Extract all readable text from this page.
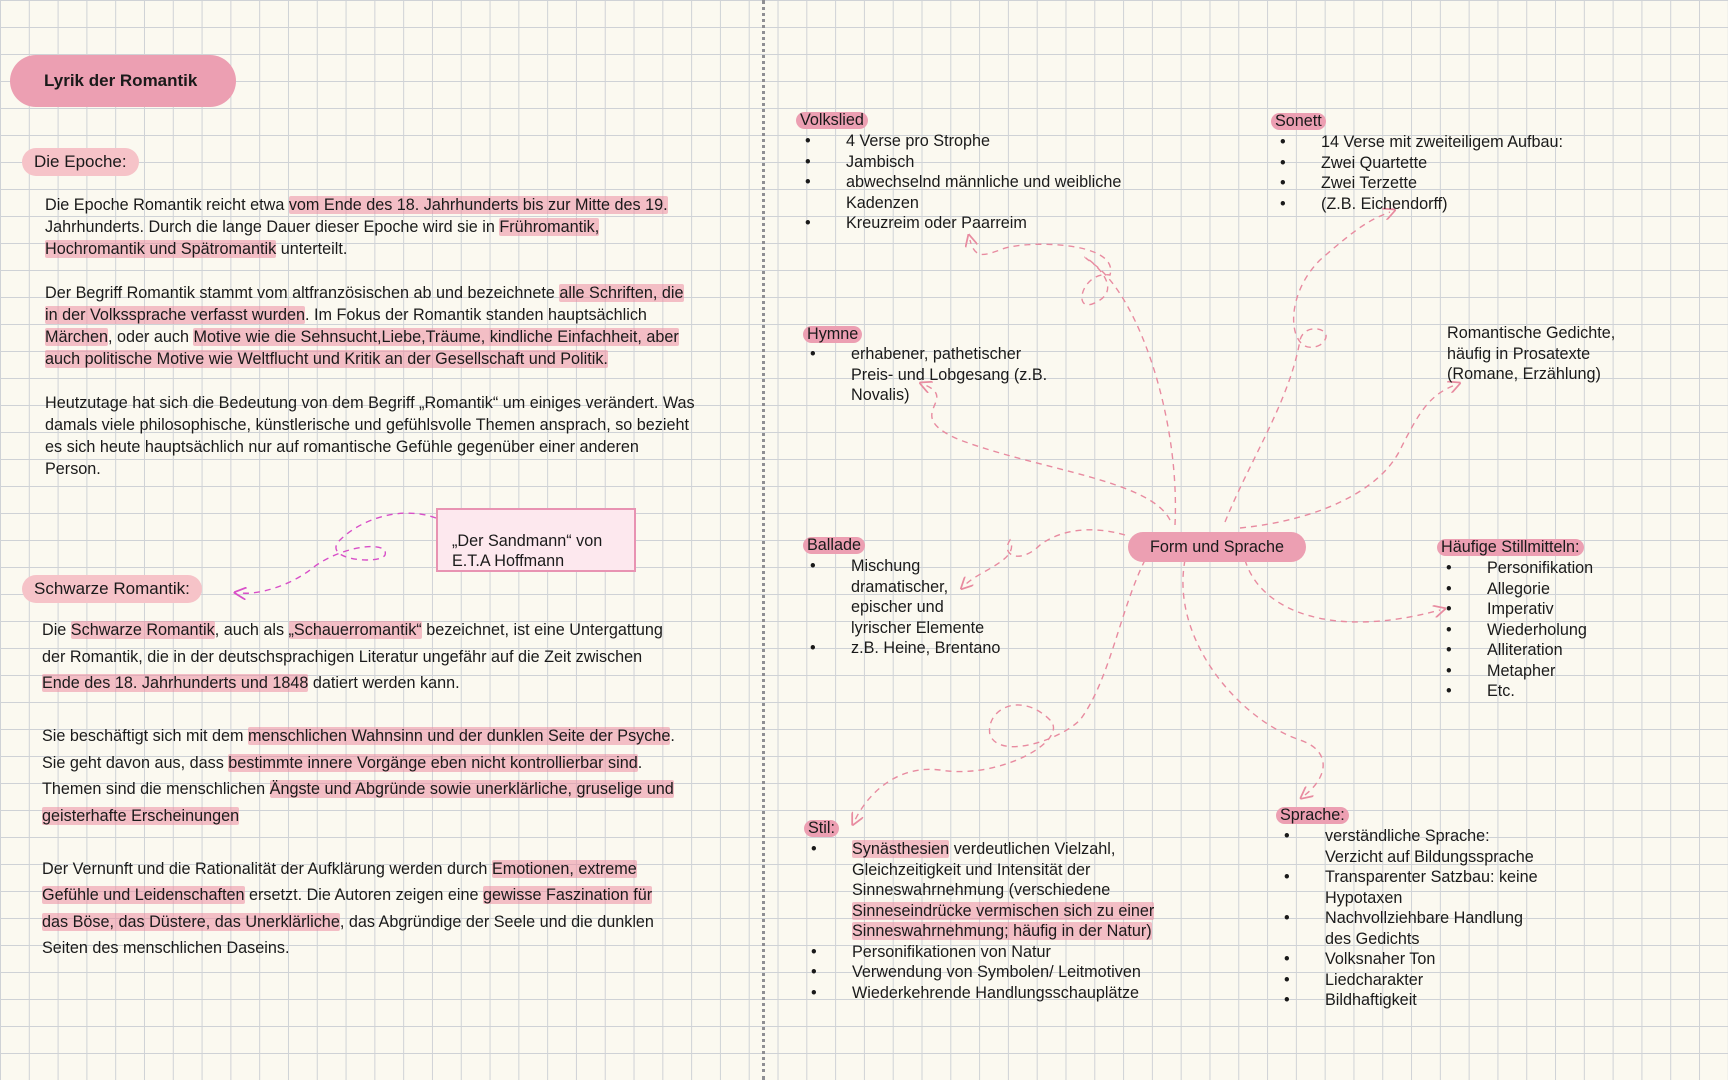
Lyrik der Romantik
Die Epoche:

Die Epoche Romantik reicht etwa vom Ende des 18. Jahrhunderts bis zur Mitte des 19.

Jahrhunderts. Durch die lange Dauer dieser Epoche wird sie in Frühromantik,

Hochromantik und Spätromantik unterteilt.

Der Begriff Romantik stammt vom altfranzösischen ab und bezeichnete alle Schriften, die

in der Volkssprache verfasst wurden. Im Fokus der Romantik standen hauptsächlich

Märchen, oder auch Motive wie die Sehnsucht,Liebe,Träume, kindliche Einfachheit, aber

auch politische Motive wie Weltflucht und Kritik an der Gesellschaft und Politik.

Heutzutage hat sich die Bedeutung von dem Begriff „Romantik“ um einiges verändert. Was

damals viele philosophische, künstlerische und gefühlsvolle Themen ansprach, so bezieht

es sich heute hauptsächlich nur auf romantische Gefühle gegenüber einer anderen

Person.

„Der Sandmann“ von
E.T.A Hoffmann
Schwarze Romantik:

Die Schwarze Romantik, auch als „Schauerromantik“ bezeichnet, ist eine Untergattung

der Romantik, die in der deutschsprachigen Literatur ungefähr auf die Zeit zwischen

Ende des 18. Jahrhunderts und 1848 datiert werden kann.

Sie beschäftigt sich mit dem menschlichen Wahnsinn und der dunklen Seite der Psyche.

Sie geht davon aus, dass bestimmte innere Vorgänge eben nicht kontrollierbar sind.

Themen sind die menschlichen Ängste und Abgründe sowie unerklärliche, gruselige und

geisterhafte Erscheinungen

Der Vernunft und die Rationalität der Aufklärung werden durch Emotionen, extreme

Gefühle und Leidenschaften ersetzt. Die Autoren zeigen eine gewisse Faszination für

das Böse, das Düstere, das Unerklärliche, das Abgründige der Seele und die dunklen

Seiten des menschlichen Daseins.

Form und Sprache
Volkslied
• 4 Verse pro Strophe
• Jambisch
• abwechselnd männliche und weibliche
Kadenzen
• Kreuzreim oder Paarreim
Sonett
• 14 Verse mit zweiteiligem Aufbau:
• Zwei Quartette
• Zwei Terzette
• (Z.B. Eichendorff)
Hymne
• erhabener, pathetischer
Preis- und Lobgesang (z.B.
Novalis)
Romantische Gedichte,
häufig in Prosatexte
(Romane, Erzählung)
Ballade
• Mischung
dramatischer,
epischer und
lyrischer Elemente
• z.B. Heine, Brentano
Häufige Stillmitteln:
• Personifikation
• Allegorie
• Imperativ
• Wiederholung
• Alliteration
• Metapher
• Etc.
Stil:
• Synästhesien verdeutlichen Vielzahl,
Gleichzeitigkeit und Intensität der
Sinneswahrnehmung (verschiedene
Sinneseindrücke vermischen sich zu einer
Sinneswahrnehmung; häufig in der Natur)
• Personifikationen von Natur
• Verwendung von Symbolen/ Leitmotiven
• Wiederkehrende Handlungsschauplätze
Sprache:
• verständliche Sprache:
Verzicht auf Bildungssprache
• Transparenter Satzbau: keine
Hypotaxen
• Nachvollziehbare Handlung
des Gedichts
• Volksnaher Ton
• Liedcharakter
• Bildhaftigkeit
